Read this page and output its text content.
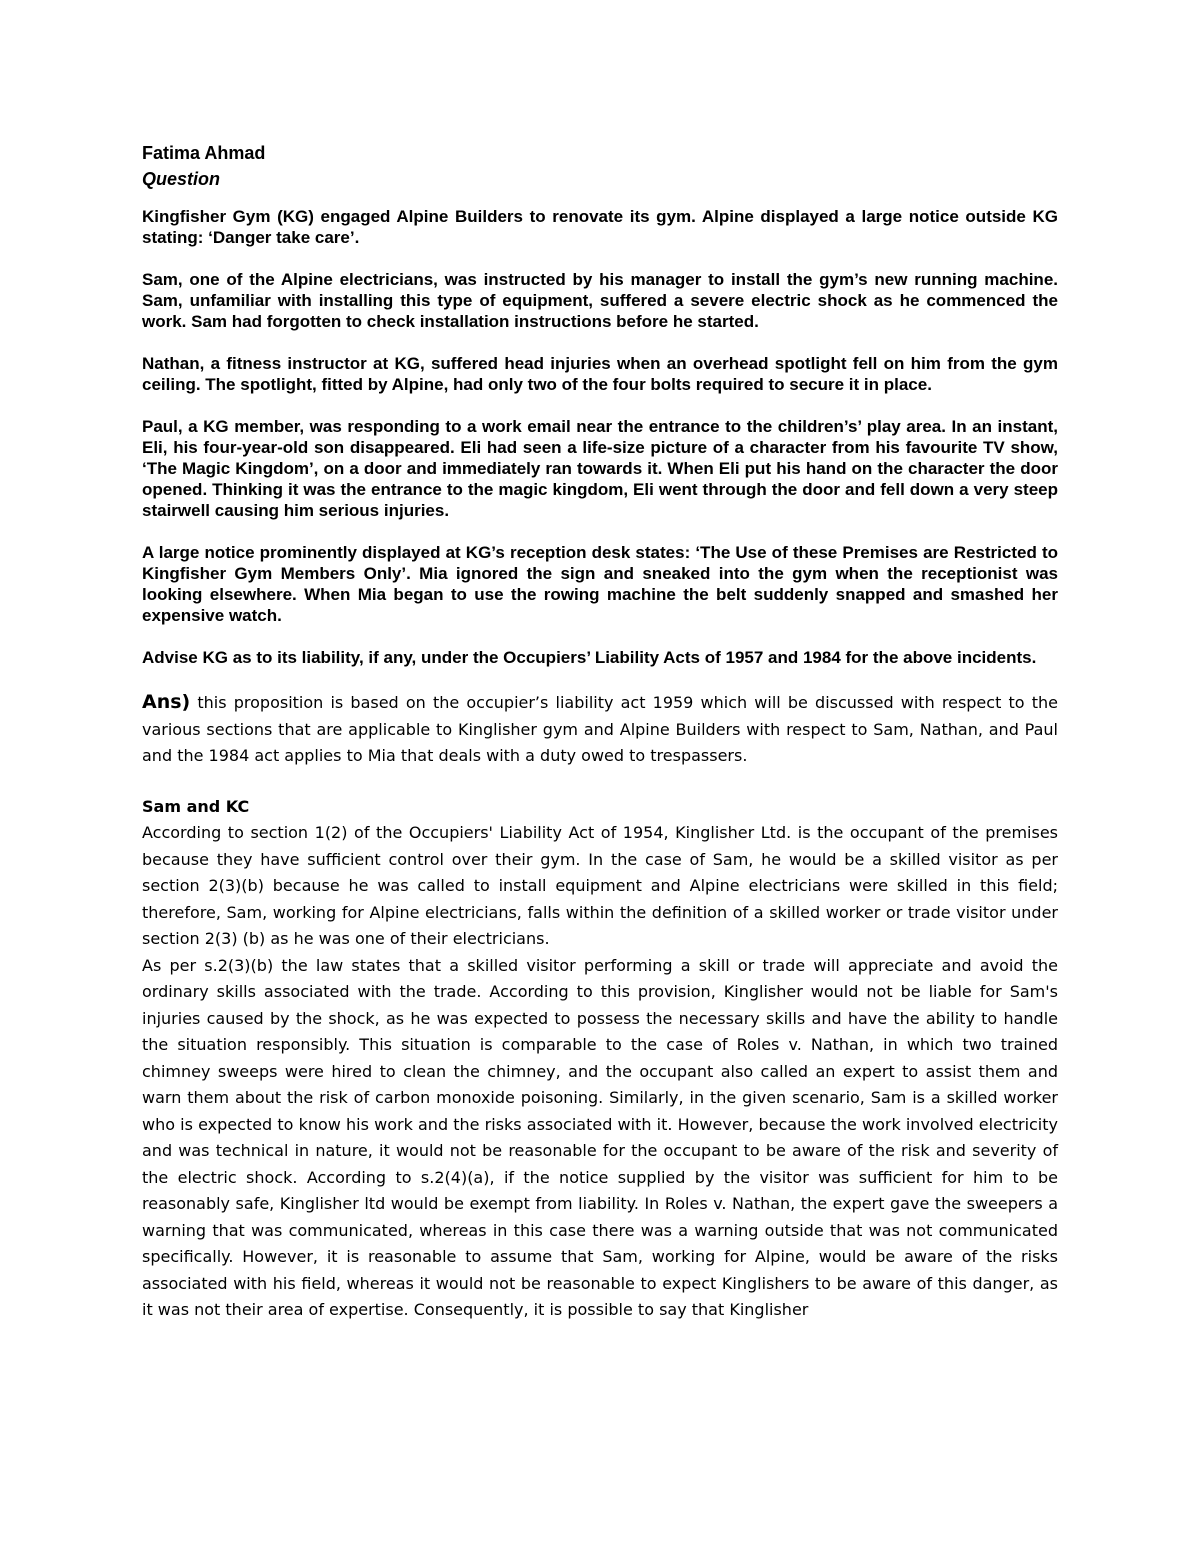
Fatima Ahmad

Question

Kingfisher Gym (KG) engaged Alpine Builders to renovate its gym. Alpine displayed a large notice outside KG stating: ‘Danger take care’.

Sam, one of the Alpine electricians, was instructed by his manager to install the gym’s new running machine. Sam, unfamiliar with installing this type of equipment, suffered a severe electric shock as he commenced the work. Sam had forgotten to check installation instructions before he started.

Nathan, a fitness instructor at KG, suffered head injuries when an overhead spotlight fell on him from the gym ceiling. The spotlight, fitted by Alpine, had only two of the four bolts required to secure it in place.

Paul, a KG member, was responding to a work email near the entrance to the children’s’ play area. In an instant, Eli, his four-year-old son disappeared. Eli had seen a life-size picture of a character from his favourite TV show, ‘The Magic Kingdom’, on a door and immediately ran towards it. When Eli put his hand on the character the door opened. Thinking it was the entrance to the magic kingdom, Eli went through the door and fell down a very steep stairwell causing him serious injuries.

A large notice prominently displayed at KG’s reception desk states: ‘The Use of these Premises are Restricted to Kingfisher Gym Members Only’. Mia ignored the sign and sneaked into the gym when the receptionist was looking elsewhere. When Mia began to use the rowing machine the belt suddenly snapped and smashed her expensive watch.

Advise KG as to its liability, if any, under the Occupiers’ Liability Acts of 1957 and 1984 for the above incidents.

Ans) this proposition is based on the occupier’s liability act 1959 which will be discussed with respect to the various sections that are applicable to Kinglisher gym and Alpine Builders with respect to Sam, Nathan, and Paul and the 1984 act applies to Mia that deals with a duty owed to trespassers.

Sam and KC

According to section 1(2) of the Occupiers' Liability Act of 1954, Kinglisher Ltd. is the occupant of the premises because they have sufficient control over their gym. In the case of Sam, he would be a skilled visitor as per section 2(3)(b) because he was called to install equipment and Alpine electricians were skilled in this field; therefore, Sam, working for Alpine electricians, falls within the definition of a skilled worker or trade visitor under section 2(3) (b) as he was one of their electricians.

As per s.2(3)(b) the law states that a skilled visitor performing a skill or trade will appreciate and avoid the ordinary skills associated with the trade. According to this provision, Kinglisher would not be liable for Sam's injuries caused by the shock, as he was expected to possess the necessary skills and have the ability to handle the situation responsibly. This situation is comparable to the case of Roles v. Nathan, in which two trained chimney sweeps were hired to clean the chimney, and the occupant also called an expert to assist them and warn them about the risk of carbon monoxide poisoning. Similarly, in the given scenario, Sam is a skilled worker who is expected to know his work and the risks associated with it. However, because the work involved electricity and was technical in nature, it would not be reasonable for the occupant to be aware of the risk and severity of the electric shock. According to s.2(4)(a), if the notice supplied by the visitor was sufficient for him to be reasonably safe, Kinglisher ltd would be exempt from liability. In Roles v. Nathan, the expert gave the sweepers a warning that was communicated, whereas in this case there was a warning outside that was not communicated specifically. However, it is reasonable to assume that Sam, working for Alpine, would be aware of the risks associated with his field, whereas it would not be reasonable to expect Kinglishers to be aware of this danger, as it was not their area of expertise. Consequently, it is possible to say that Kinglisher
